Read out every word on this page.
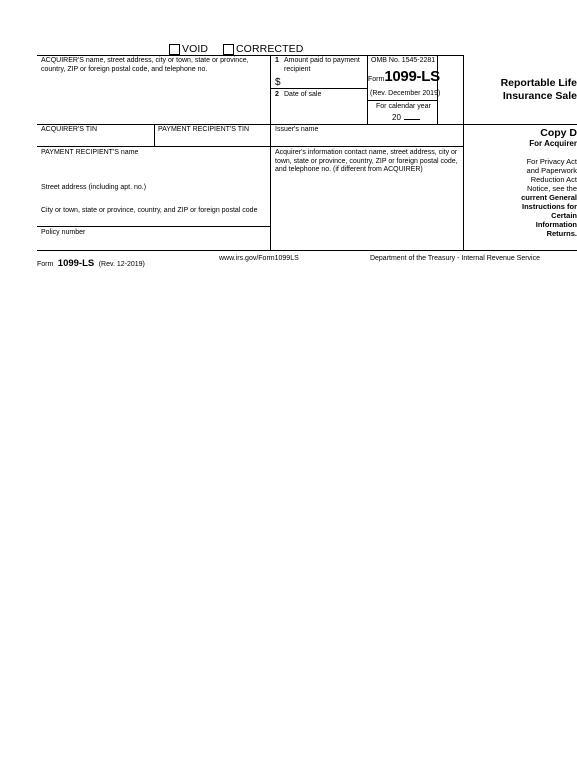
VOID	CORRECTED
ACQUIRER'S name, street address, city or town, state or province, country, ZIP or foreign postal code, and telephone no.
ACQUIRER'S TIN	PAYMENT RECIPIENT'S TIN
PAYMENT RECIPIENT'S name
Street address (including apt. no.)
City or town, state or province, country, and ZIP or foreign postal code
Policy number
1 Amount paid to payment recipient
$
2 Date of sale
Issuer's name
Acquirer's information contact name, street address, city or town, state or province, country, ZIP or foreign postal code, and telephone no. (if different from ACQUIRER)
OMB No. 1545-2281
Form1099-LS
(Rev. December 2019)
For calendar year
20
Reportable Life
Insurance Sale
Copy D
For Acquirer
For Privacy Act
and Paperwork
Reduction Act
Notice, see the
current General
Instructions for
Certain
Information
Returns.
Form 1099-LS (Rev. 12-2019)
www.irs.gov/Form1099LS	Department of the Treasury - Internal Revenue Service
